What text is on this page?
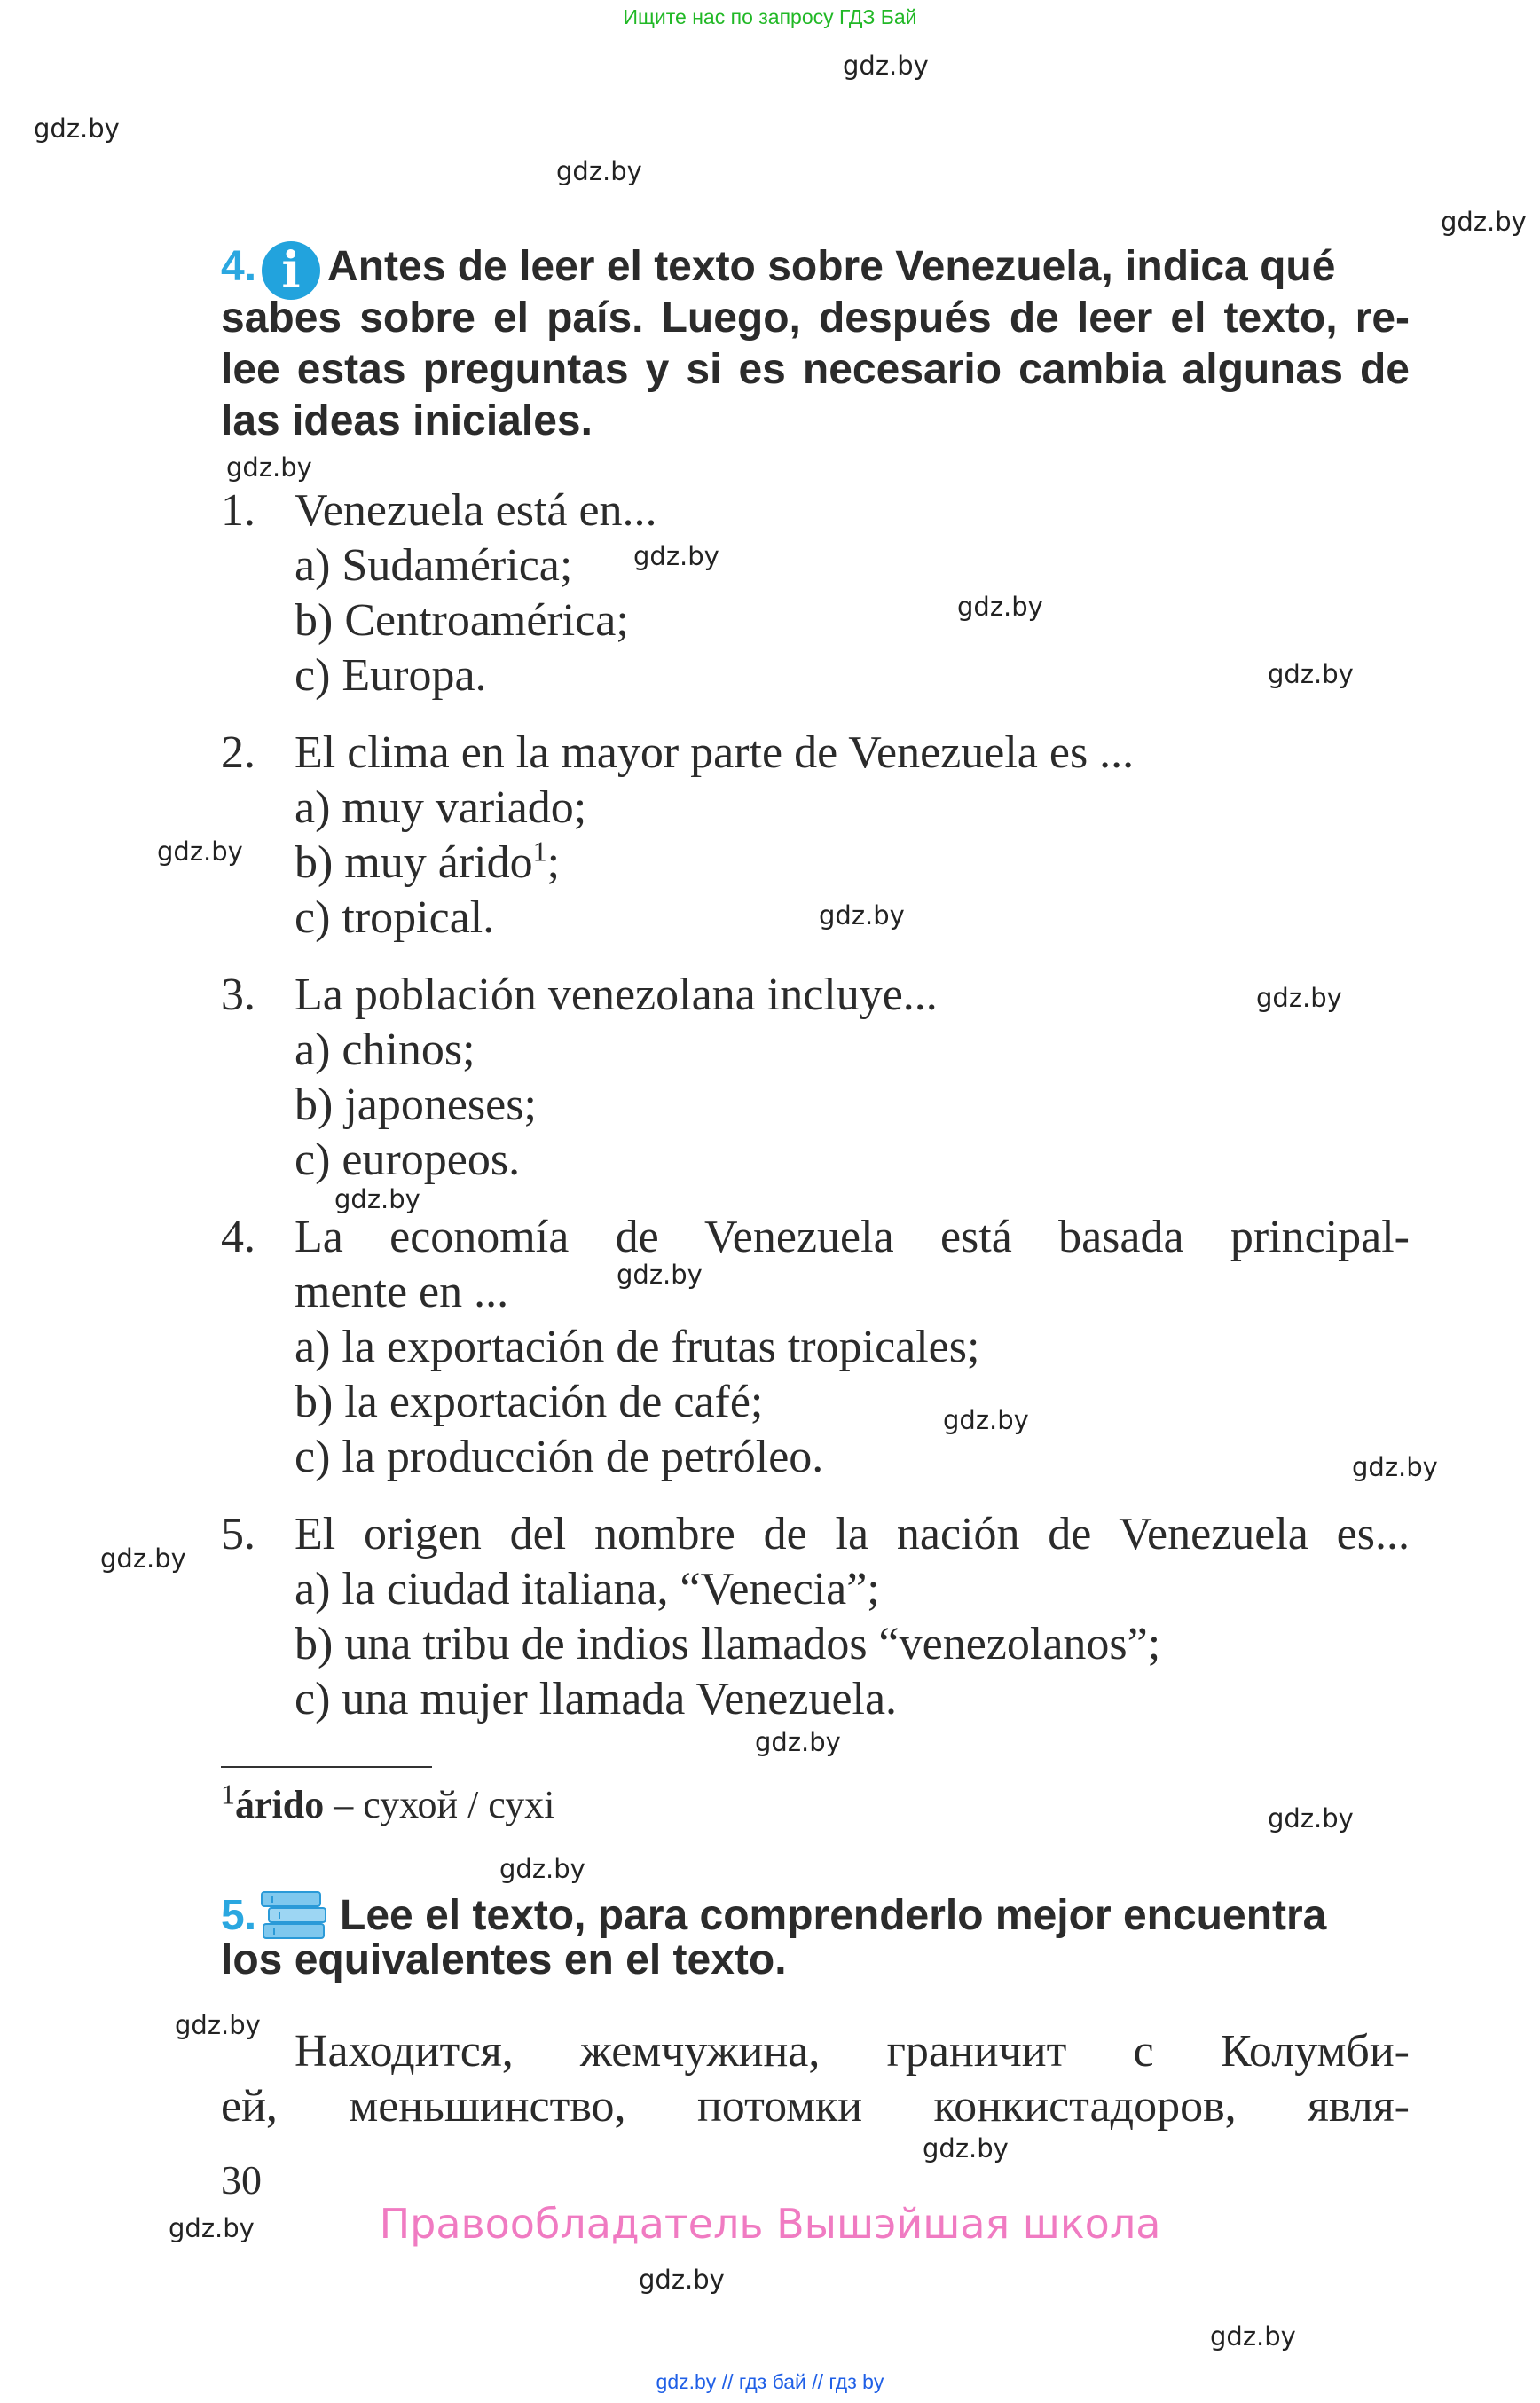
Ищите нас по запросу ГДЗ Бай
gdz.by
gdz.by
gdz.by
gdz.by
gdz.by
gdz.by
gdz.by
gdz.by
gdz.by
gdz.by
gdz.by
gdz.by
gdz.by
gdz.by
gdz.by
gdz.by
gdz.by
gdz.by
gdz.by
gdz.by
gdz.by
gdz.by
gdz.by
gdz.by
4. i Antes de leer el texto sobre Venezuela, indica qué
sabes sobre el país. Luego, después de leer el texto, re-
lee estas preguntas y si es necesario cambia algunas de
las ideas iniciales.
1. Venezuela está en...
a) Sudamérica;
b) Centroamérica;
c) Europa.
2. El clima en la mayor parte de Venezuela es ...
a) muy variado;
b) muy árido$^1$;
c) tropical.
3. La población venezolana incluye...
a) chinos;
b) japoneses;
c) europeos.
4. La economía de Venezuela está basada principal-
mente en ...
a) la exportación de frutas tropicales;
b) la exportación de café;
c) la producción de petróleo.
5. El origen del nombre de la nación de Venezuela es...
a) la ciudad italiana, “Venecia”;
b) una tribu de indios llamados “venezolanos”;
c) una mujer llamada Venezuela.
$^1$árido – сухой / сухі
5. Lee el texto, para comprenderlo mejor encuentra
los equivalentes en el texto.
Находится, жемчужина, граничит с Колумби-
ей, меньшинство, потомки конкистадоров, явля-
30
Правообладатель Вышэйшая школа
gdz.by // гдз бай // гдз by
